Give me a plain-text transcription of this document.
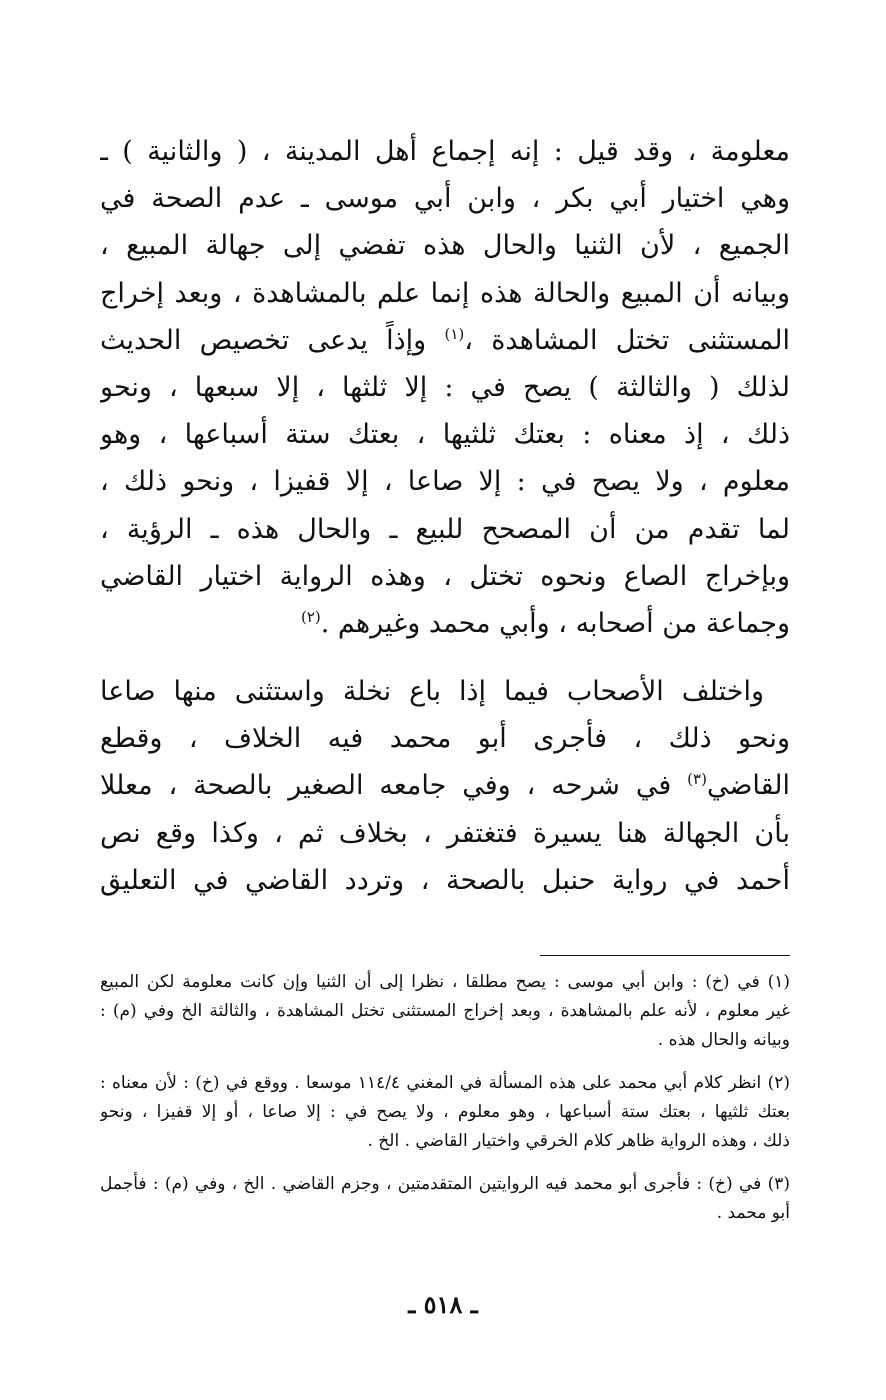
معلومة ، وقد قيل : إنه إجماع أهل المدينة ، ( والثانية ) ـ
وهي اختيار أبي بكر ، وابن أبي موسى ـ عدم الصحة في
الجميع ، لأن الثنيا والحال هذه تفضي إلى جهالة المبيع ،
وبيانه أن المبيع والحالة هذه إنما علم بالمشاهدة ، وبعد إخراج
المستثنى تختل المشاهدة ،$^{(١)}$ وإذاً يدعى تخصيص الحديث
لذلك ( والثالثة ) يصح في : إلا ثلثها ، إلا سبعها ، ونحو
ذلك ، إذ معناه : بعتك ثلثيها ، بعتك ستة أسباعها ، وهو
معلوم ، ولا يصح في : إلا صاعا ، إلا قفيزا ، ونحو ذلك ،
لما تقدم من أن المصحح للبيع ـ والحال هذه ـ الرؤية ،
وبإخراج الصاع ونحوه تختل ، وهذه الرواية اختيار القاضي
وجماعة من أصحابه ، وأبي محمد وغيرهم .$^{(٢)}$
واختلف الأصحاب فيما إذا باع نخلة واستثنى منها صاعا
ونحو ذلك ، فأجرى أبو محمد فيه الخلاف ، وقطع
القاضي$^{(٣)}$ في شرحه ، وفي جامعه الصغير بالصحة ، معللا
بأن الجهالة هنا يسيرة فتغتفر ، بخلاف ثم ، وكذا وقع نص
أحمد في رواية حنبل بالصحة ، وتردد القاضي في التعليق
(١) في (خ) : وابن أبي موسى : يصح مطلقا ، نظرا إلى أن الثنيا وإن كانت معلومة لكن المبيع
غير معلوم ، لأنه علم بالمشاهدة ، وبعد إخراج المستثنى تختل المشاهدة ، والثالثة الخ وفي (م) :
وبيانه والحال هذه .
(٢) انظر كلام أبي محمد على هذه المسألة في المغني ١١٤/٤ موسعا . ووقع في (خ) : لأن معناه :
بعتك ثلثيها ، بعتك ستة أسباعها ، وهو معلوم ، ولا يصح في : إلا صاعا ، أو إلا قفيزا ، ونحو
ذلك ، وهذه الرواية ظاهر كلام الخرقي واختيار القاضي . الخ .
(٣) في (خ) : فأجرى أبو محمد فيه الروايتين المتقدمتين ، وجزم القاضي . الخ ، وفي (م) : فأجمل
أبو محمد .
ـ ٥١٨ ـ
